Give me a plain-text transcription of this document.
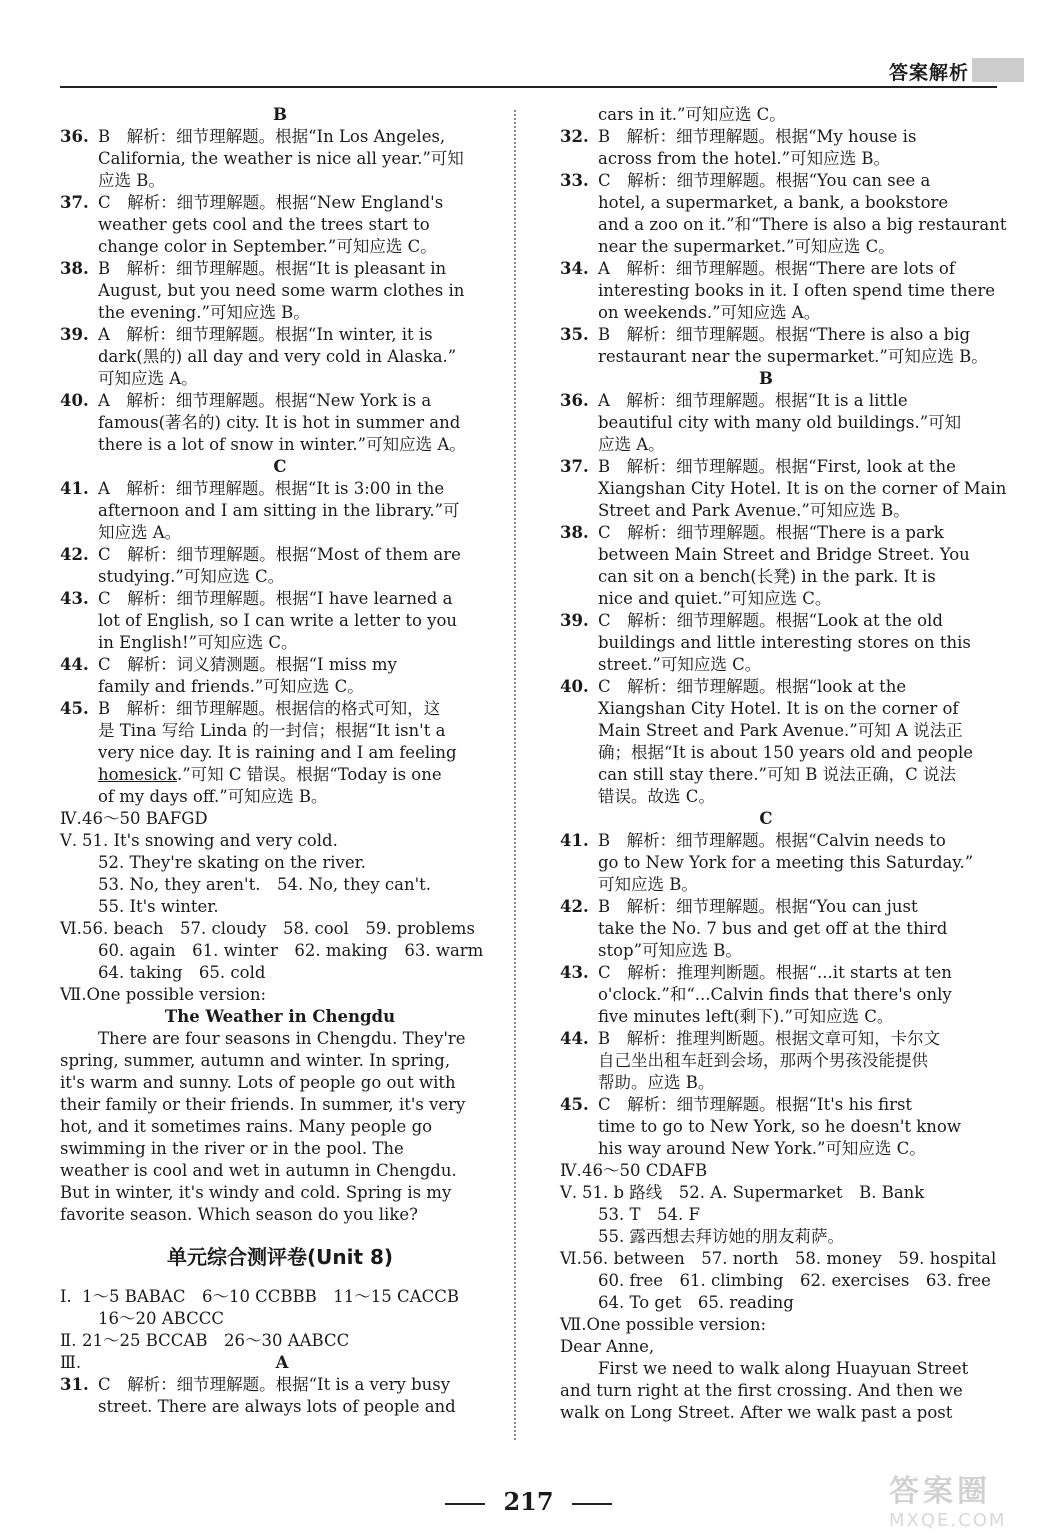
答案解析
B
36. B　解析：细节理解题。根据“In Los Angeles,
California, the weather is nice all year.”可知
应选 B。
37. C　解析：细节理解题。根据“New England's
weather gets cool and the trees start to
change color in September.”可知应选 C。
38. B　解析：细节理解题。根据“It is pleasant in
August, but you need some warm clothes in
the evening.”可知应选 B。
39. A　解析：细节理解题。根据“In winter, it is
dark(黑的) all day and very cold in Alaska.”
可知应选 A。
40. A　解析：细节理解题。根据“New York is a
famous(著名的) city. It is hot in summer and
there is a lot of snow in winter.”可知应选 A。
C
41. A　解析：细节理解题。根据“It is 3:00 in the
afternoon and I am sitting in the library.”可
知应选 A。
42. C　解析：细节理解题。根据“Most of them are
studying.”可知应选 C。
43. C　解析：细节理解题。根据“I have learned a
lot of English, so I can write a letter to you
in English!”可知应选 C。
44. C　解析：词义猜测题。根据“I miss my
family and friends.”可知应选 C。
45. B　解析：细节理解题。根据信的格式可知，这
是 Tina 写给 Linda 的一封信；根据“It isn't a
very nice day. It is raining and I am feeling
homesick.”可知 C 错误。根据“Today is one
of my days off.”可知应选 B。
Ⅳ.46～50 BAFGD
Ⅴ. 51. It's snowing and very cold.
52. They're skating on the river.
53. No, they aren't.　54. No, they can't.
55. It's winter.
Ⅵ.56. beach　57. cloudy　58. cool　59. problems
60. again　61. winter　62. making　63. warm
64. taking　65. cold
Ⅶ.One possible version:
The Weather in Chengdu
There are four seasons in Chengdu. They're
spring, summer, autumn and winter. In spring,
it's warm and sunny. Lots of people go out with
their family or their friends. In summer, it's very
hot, and it sometimes rains. Many people go
swimming in the river or in the pool. The
weather is cool and wet in autumn in Chengdu.
But in winter, it's windy and cold. Spring is my
favorite season. Which season do you like?
单元综合测评卷(Unit 8)
Ⅰ. 1～5 BABAC　6～10 CCBBB　11～15 CACCB
16～20 ABCCC
Ⅱ. 21～25 BCCAB　26～30 AABCC
Ⅲ.	A
31. C　解析：细节理解题。根据“It is a very busy
street. There are always lots of people and
cars in it.”可知应选 C。
32. B　解析：细节理解题。根据“My house is
across from the hotel.”可知应选 B。
33. C　解析：细节理解题。根据“You can see a
hotel, a supermarket, a bank, a bookstore
and a zoo on it.”和“There is also a big restaurant
near the supermarket.”可知应选 C。
34. A　解析：细节理解题。根据“There are lots of
interesting books in it. I often spend time there
on weekends.”可知应选 A。
35. B　解析：细节理解题。根据“There is also a big
restaurant near the supermarket.”可知应选 B。
B
36. A　解析：细节理解题。根据“It is a little
beautiful city with many old buildings.”可知
应选 A。
37. B　解析：细节理解题。根据“First, look at the
Xiangshan City Hotel. It is on the corner of Main
Street and Park Avenue.”可知应选 B。
38. C　解析：细节理解题。根据“There is a park
between Main Street and Bridge Street. You
can sit on a bench(长凳) in the park. It is
nice and quiet.”可知应选 C。
39. C　解析：细节理解题。根据“Look at the old
buildings and little interesting stores on this
street.”可知应选 C。
40. C　解析：细节理解题。根据“look at the
Xiangshan City Hotel. It is on the corner of
Main Street and Park Avenue.”可知 A 说法正
确；根据“It is about 150 years old and people
can still stay there.”可知 B 说法正确，C 说法
错误。故选 C。
C
41. B　解析：细节理解题。根据“Calvin needs to
go to New York for a meeting this Saturday.”
可知应选 B。
42. B　解析：细节理解题。根据“You can just
take the No. 7 bus and get off at the third
stop”可知应选 B。
43. C　解析：推理判断题。根据“...it starts at ten
o'clock.”和“...Calvin finds that there's only
five minutes left(剩下).”可知应选 C。
44. B　解析：推理判断题。根据文章可知，卡尔文
自己坐出租车赶到会场，那两个男孩没能提供
帮助。应选 B。
45. C　解析：细节理解题。根据“It's his first
time to go to New York, so he doesn't know
his way around New York.”可知应选 C。
Ⅳ.46～50 CDAFB
Ⅴ. 51. b 路线　52. A. Supermarket　B. Bank
53. T　54. F
55. 露西想去拜访她的朋友莉萨。
Ⅵ.56. between　57. north　58. money　59. hospital
60. free　61. climbing　62. exercises　63. free
64. To get　65. reading
Ⅶ.One possible version:
Dear Anne,
First we need to walk along Huayuan Street
and turn right at the first crossing. And then we
walk on Long Street. After we walk past a post
217	答案圈
MXQE.COM
